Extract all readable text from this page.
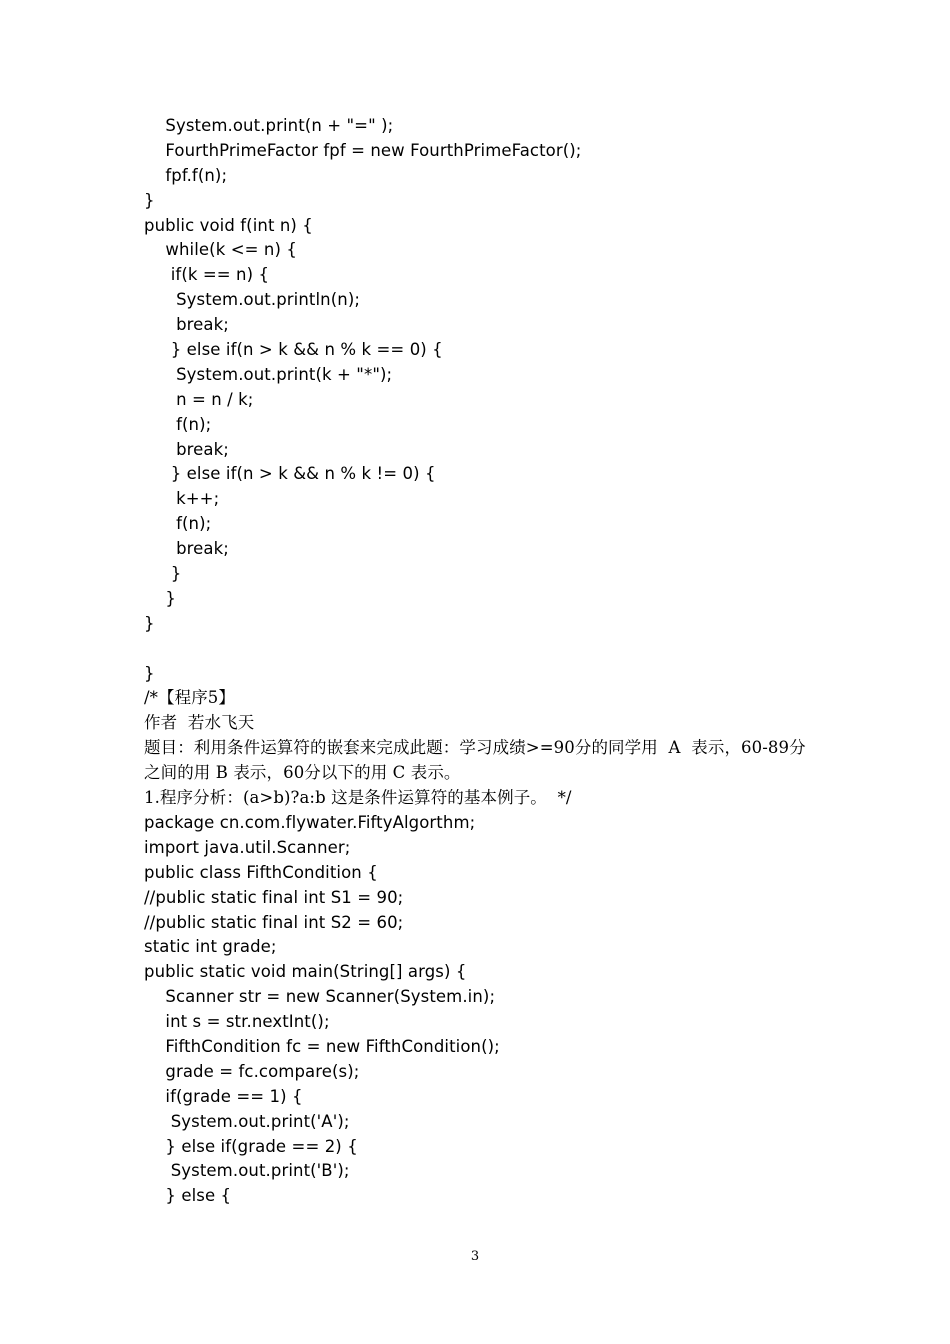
System.out.print(n + "=" );
FourthPrimeFactor fpf = new FourthPrimeFactor();
fpf.f(n);
}
public void f(int n) {
while(k <= n) {
if(k == n) {
System.out.println(n);
break;
} else if(n > k && n % k == 0) {
System.out.print(k + "*");
n = n / k;
f(n);
break;
} else if(n > k && n % k != 0) {
k++;
f(n);
break;
}
}
}
}
/*【程序5】
作者  若水飞天
题目：利用条件运算符的嵌套来完成此题：学习成绩>=90分的同学用  A  表示，60-89分
之间的用 B 表示，60分以下的用 C 表示。
1.程序分析：(a>b)?a:b 这是条件运算符的基本例子。  */
package cn.com.flywater.FiftyAlgorthm;
import java.util.Scanner;
public class FifthCondition {
//public static final int S1 = 90;
//public static final int S2 = 60;
static int grade;
public static void main(String[] args) {
Scanner str = new Scanner(System.in);
int s = str.nextInt();
FifthCondition fc = new FifthCondition();
grade = fc.compare(s);
if(grade == 1) {
System.out.print('A');
} else if(grade == 2) {
System.out.print('B');
} else {
3
